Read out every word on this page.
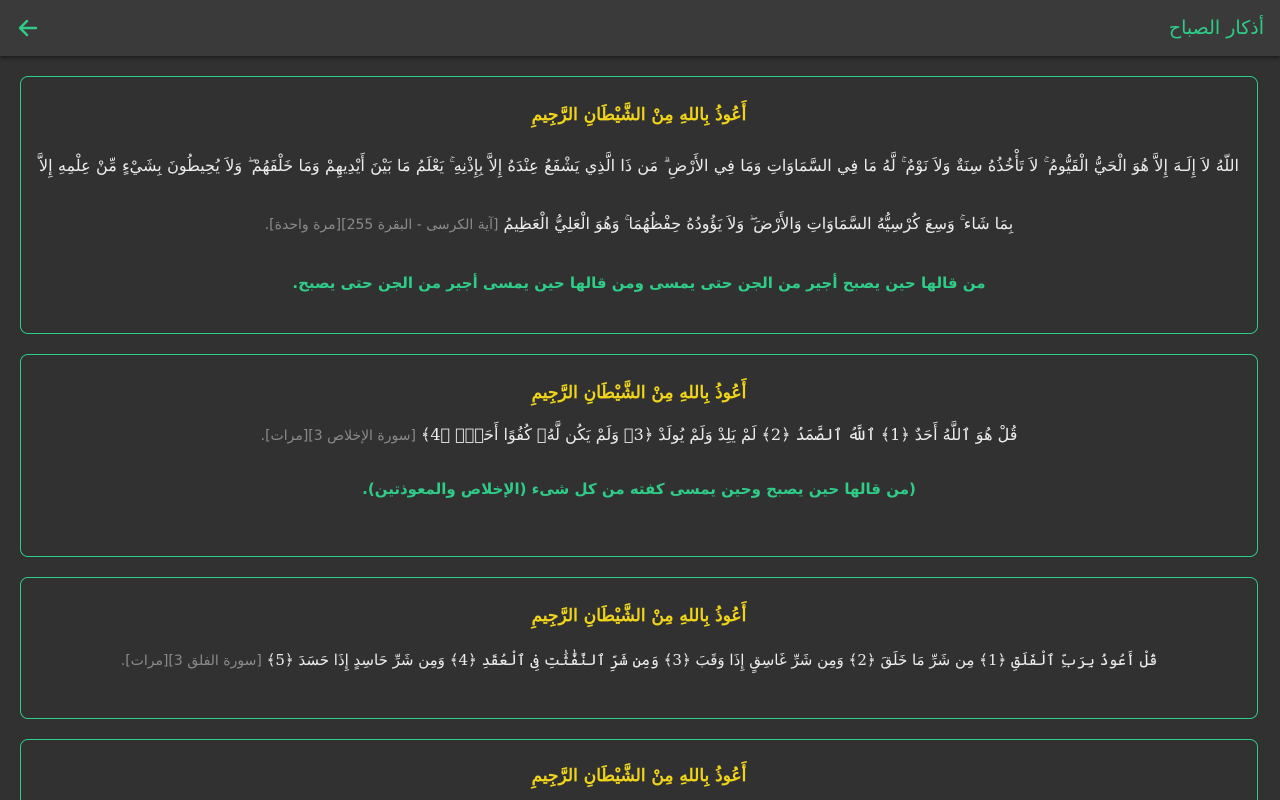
أذكار الصباح
أَعُوذُ بِاللهِ مِنْ الشَّيْطَانِ الرَّجِيمِ
اللّهُ لاَ إِلَـهَ إِلاَّ هُوَ الْحَيُّ الْقَيُّومُ ۚ لاَ تَأْخُذُهُ سِنَةٌ وَلاَ نَوْمٌ ۚ لَّهُ مَا فِي السَّمَاوَاتِ وَمَا فِي الأَرْضِ ۗ مَن ذَا الَّذِي يَشْفَعُ عِنْدَهُ إِلاَّ بِإِذْنِهِ ۚ يَعْلَمُ مَا بَيْنَ أَيْدِيهِمْ وَمَا خَلْفَهُمْ ۖ وَلاَ يُحِيطُونَ بِشَيْءٍ مِّنْ عِلْمِهِ إِلاَّ بِمَا شَاء ۚ وَسِعَ كُرْسِيُّهُ السَّمَاوَاتِ وَالأَرْضَ ۖ وَلاَ يَؤُودُهُ حِفْظُهُمَا ۚ وَهُوَ الْعَلِيُّ الْعَظِيمُ [آية الكرسى - البقرة 255][مرة واحدة].
من قالها حين يصبح أجير من الجن حتى يمسى ومن قالها حين يمسى أجير من الجن حتى يصبح.
أَعُوذُ بِاللهِ مِنْ الشَّيْطَانِ الرَّجِيمِ
قُلْ هُوَ ٱللَّهُ أَحَدٌ ﴿1﴾ ٱللَّهُ ٱلصَّمَدُ ﴿2﴾ لَمْ يَلِدْ وَلَمْ يُولَدْ ﴿3﴾ وَلَمْ يَكُن لَّهُۥ كُفُوًا أَحَدٌۢ ﴿4﴾ [سورة الإخلاص 3][مرات].
(من قالها حين يصبح وحين يمسى كفته من كل شىء (الإخلاص والمعوذتين).
أَعُوذُ بِاللهِ مِنْ الشَّيْطَانِ الرَّجِيمِ
قُلْ أَعُوذُ بِرَبِّ ٱلْفَلَقِ ﴿1﴾ مِن شَرِّ مَا خَلَقَ ﴿2﴾ وَمِن شَرِّ غَاسِقٍ إِذَا وَقَبَ ﴿3﴾ وَمِن شَرِّ ٱلنَّفَّٰثَٰتِ فِى ٱلْعُقَدِ ﴿4﴾ وَمِن شَرِّ حَاسِدٍ إِذَا حَسَدَ ﴿5﴾ [سورة الفلق 3][مرات].
أَعُوذُ بِاللهِ مِنْ الشَّيْطَانِ الرَّجِيمِ
